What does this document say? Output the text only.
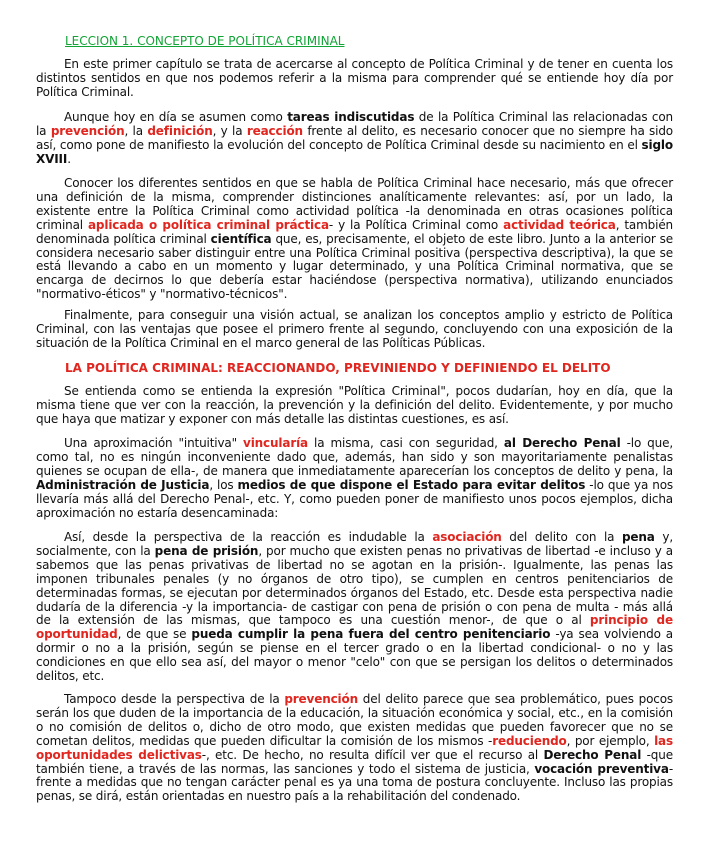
LECCION 1. CONCEPTO DE POLÍTICA CRIMINAL

En este primer capítulo se trata de acercarse al concepto de Política Criminal y de tener en cuenta los distintos sentidos en que nos podemos referir a la misma para comprender qué se entiende hoy día por Política Criminal.

Aunque hoy en día se asumen como tareas indiscutidas de la Política Criminal las relacionadas con la prevención, la definición, y la reacción frente al delito, es necesario conocer que no siempre ha sido así, como pone de manifiesto la evolución del concepto de Política Criminal desde su nacimiento en el siglo XVIII.

Conocer los diferentes sentidos en que se habla de Política Criminal hace necesario, más que ofrecer una definición de la misma, comprender distinciones analíticamente relevantes: así, por un lado, la existente entre la Política Criminal como actividad política -la denominada en otras ocasiones política criminal aplicada o política criminal práctica- y la Política Criminal como actividad teórica, también denominada política criminal científica que, es, precisamente, el objeto de este libro. Junto a la anterior se considera necesario saber distinguir entre una Política Criminal positiva (perspectiva descriptiva), la que se está llevando a cabo en un momento y lugar determinado, y una Política Criminal normativa, que se encarga de decirnos lo que debería estar haciéndose (perspectiva normativa), utilizando enunciados "normativo-éticos" y "normativo-técnicos".

Finalmente, para conseguir una visión actual, se analizan los conceptos amplio y estricto de Política Criminal, con las ventajas que posee el primero frente al segundo, concluyendo con una exposición de la situación de la Política Criminal en el marco general de las Políticas Públicas.

LA POLÍTICA CRIMINAL: REACCIONANDO, PREVINIENDO Y DEFINIENDO EL DELITO

Se entienda como se entienda la expresión "Política Criminal", pocos dudarían, hoy en día, que la misma tiene que ver con la reacción, la prevención y la definición del delito. Evidentemente, y por mucho que haya que matizar y exponer con más detalle las distintas cuestiones, es así.

Una aproximación "intuitiva" vincularía la misma, casi con seguridad, al Derecho Penal -lo que, como tal, no es ningún inconveniente dado que, además, han sido y son mayoritariamente penalistas quienes se ocupan de ella-, de manera que inmediatamente aparecerían los conceptos de delito y pena, la Administración de Justicia, los medios de que dispone el Estado para evitar delitos -lo que ya nos llevaría más allá del Derecho Penal-, etc. Y, como pueden poner de manifiesto unos pocos ejemplos, dicha aproximación no estaría desencaminada:

Así, desde la perspectiva de la reacción es indudable la asociación del delito con la pena y, socialmente, con la pena de prisión, por mucho que existen penas no privativas de libertad -e incluso y a sabemos que las penas privativas de libertad no se agotan en la prisión-. Igualmente, las penas las imponen tribunales penales (y no órganos de otro tipo), se cumplen en centros penitenciarios de determinadas formas, se ejecutan por determinados órganos del Estado, etc. Desde esta perspectiva nadie dudaría de la diferencia -y la importancia- de castigar con pena de prisión o con pena de multa - más allá de la extensión de las mismas, que tampoco es una cuestión menor-, de que o al principio de oportunidad, de que se pueda cumplir la pena fuera del centro penitenciario -ya sea volviendo a dormir o no a la prisión, según se piense en el tercer grado o en la libertad condicional- o no y las condiciones en que ello sea así, del mayor o menor "celo" con que se persigan los delitos o determinados delitos, etc.

Tampoco desde la perspectiva de la prevención del delito parece que sea problemático, pues pocos serán los que duden de la importancia de la educación, la situación económica y social, etc., en la comisión o no comisión de delitos o, dicho de otro modo, que existen medidas que pueden favorecer que no se cometan delitos, medidas que pueden dificultar la comisión de los mismos -reduciendo, por ejemplo, las oportunidades delictivas-, etc. De hecho, no resulta difícil ver que el recurso al Derecho Penal -que también tiene, a través de las normas, las sanciones y todo el sistema de justicia, vocación preventiva- frente a medidas que no tengan carácter penal es ya una toma de postura concluyente. Incluso las propias penas, se dirá, están orientadas en nuestro país a la rehabilitación del condenado.
